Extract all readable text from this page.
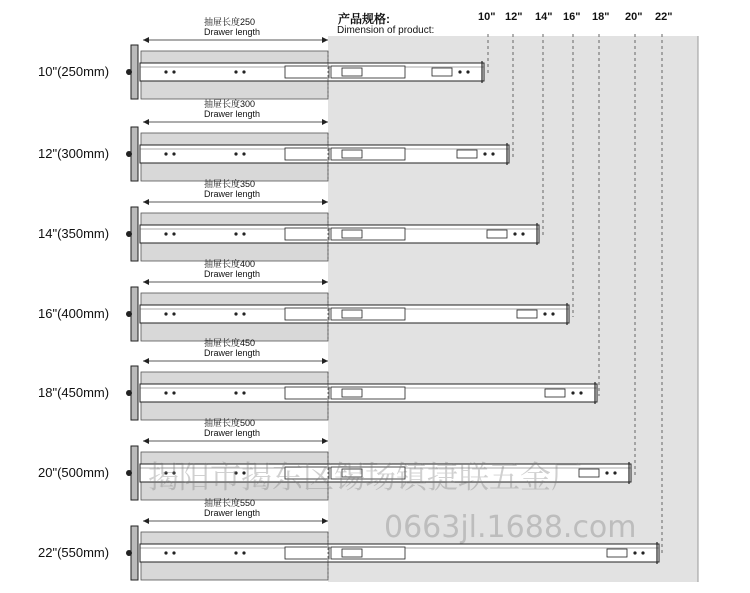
产品规格:
Dimension of product:
10" 12" 14" 16" 18" 20" 22"
10"(250mm)
抽屉长度250
Drawer length
12"(300mm)
抽屉长度300
Drawer length
14"(350mm)
抽屉长度350
Drawer length
16"(400mm)
抽屉长度400
Drawer length
18"(450mm)
抽屉长度450
Drawer length
20"(500mm)
抽屉长度500
Drawer length
22"(550mm)
抽屉长度550
Drawer length
揭阳市揭东区锡场镇捷联五金厂
0663jl.1688.com
